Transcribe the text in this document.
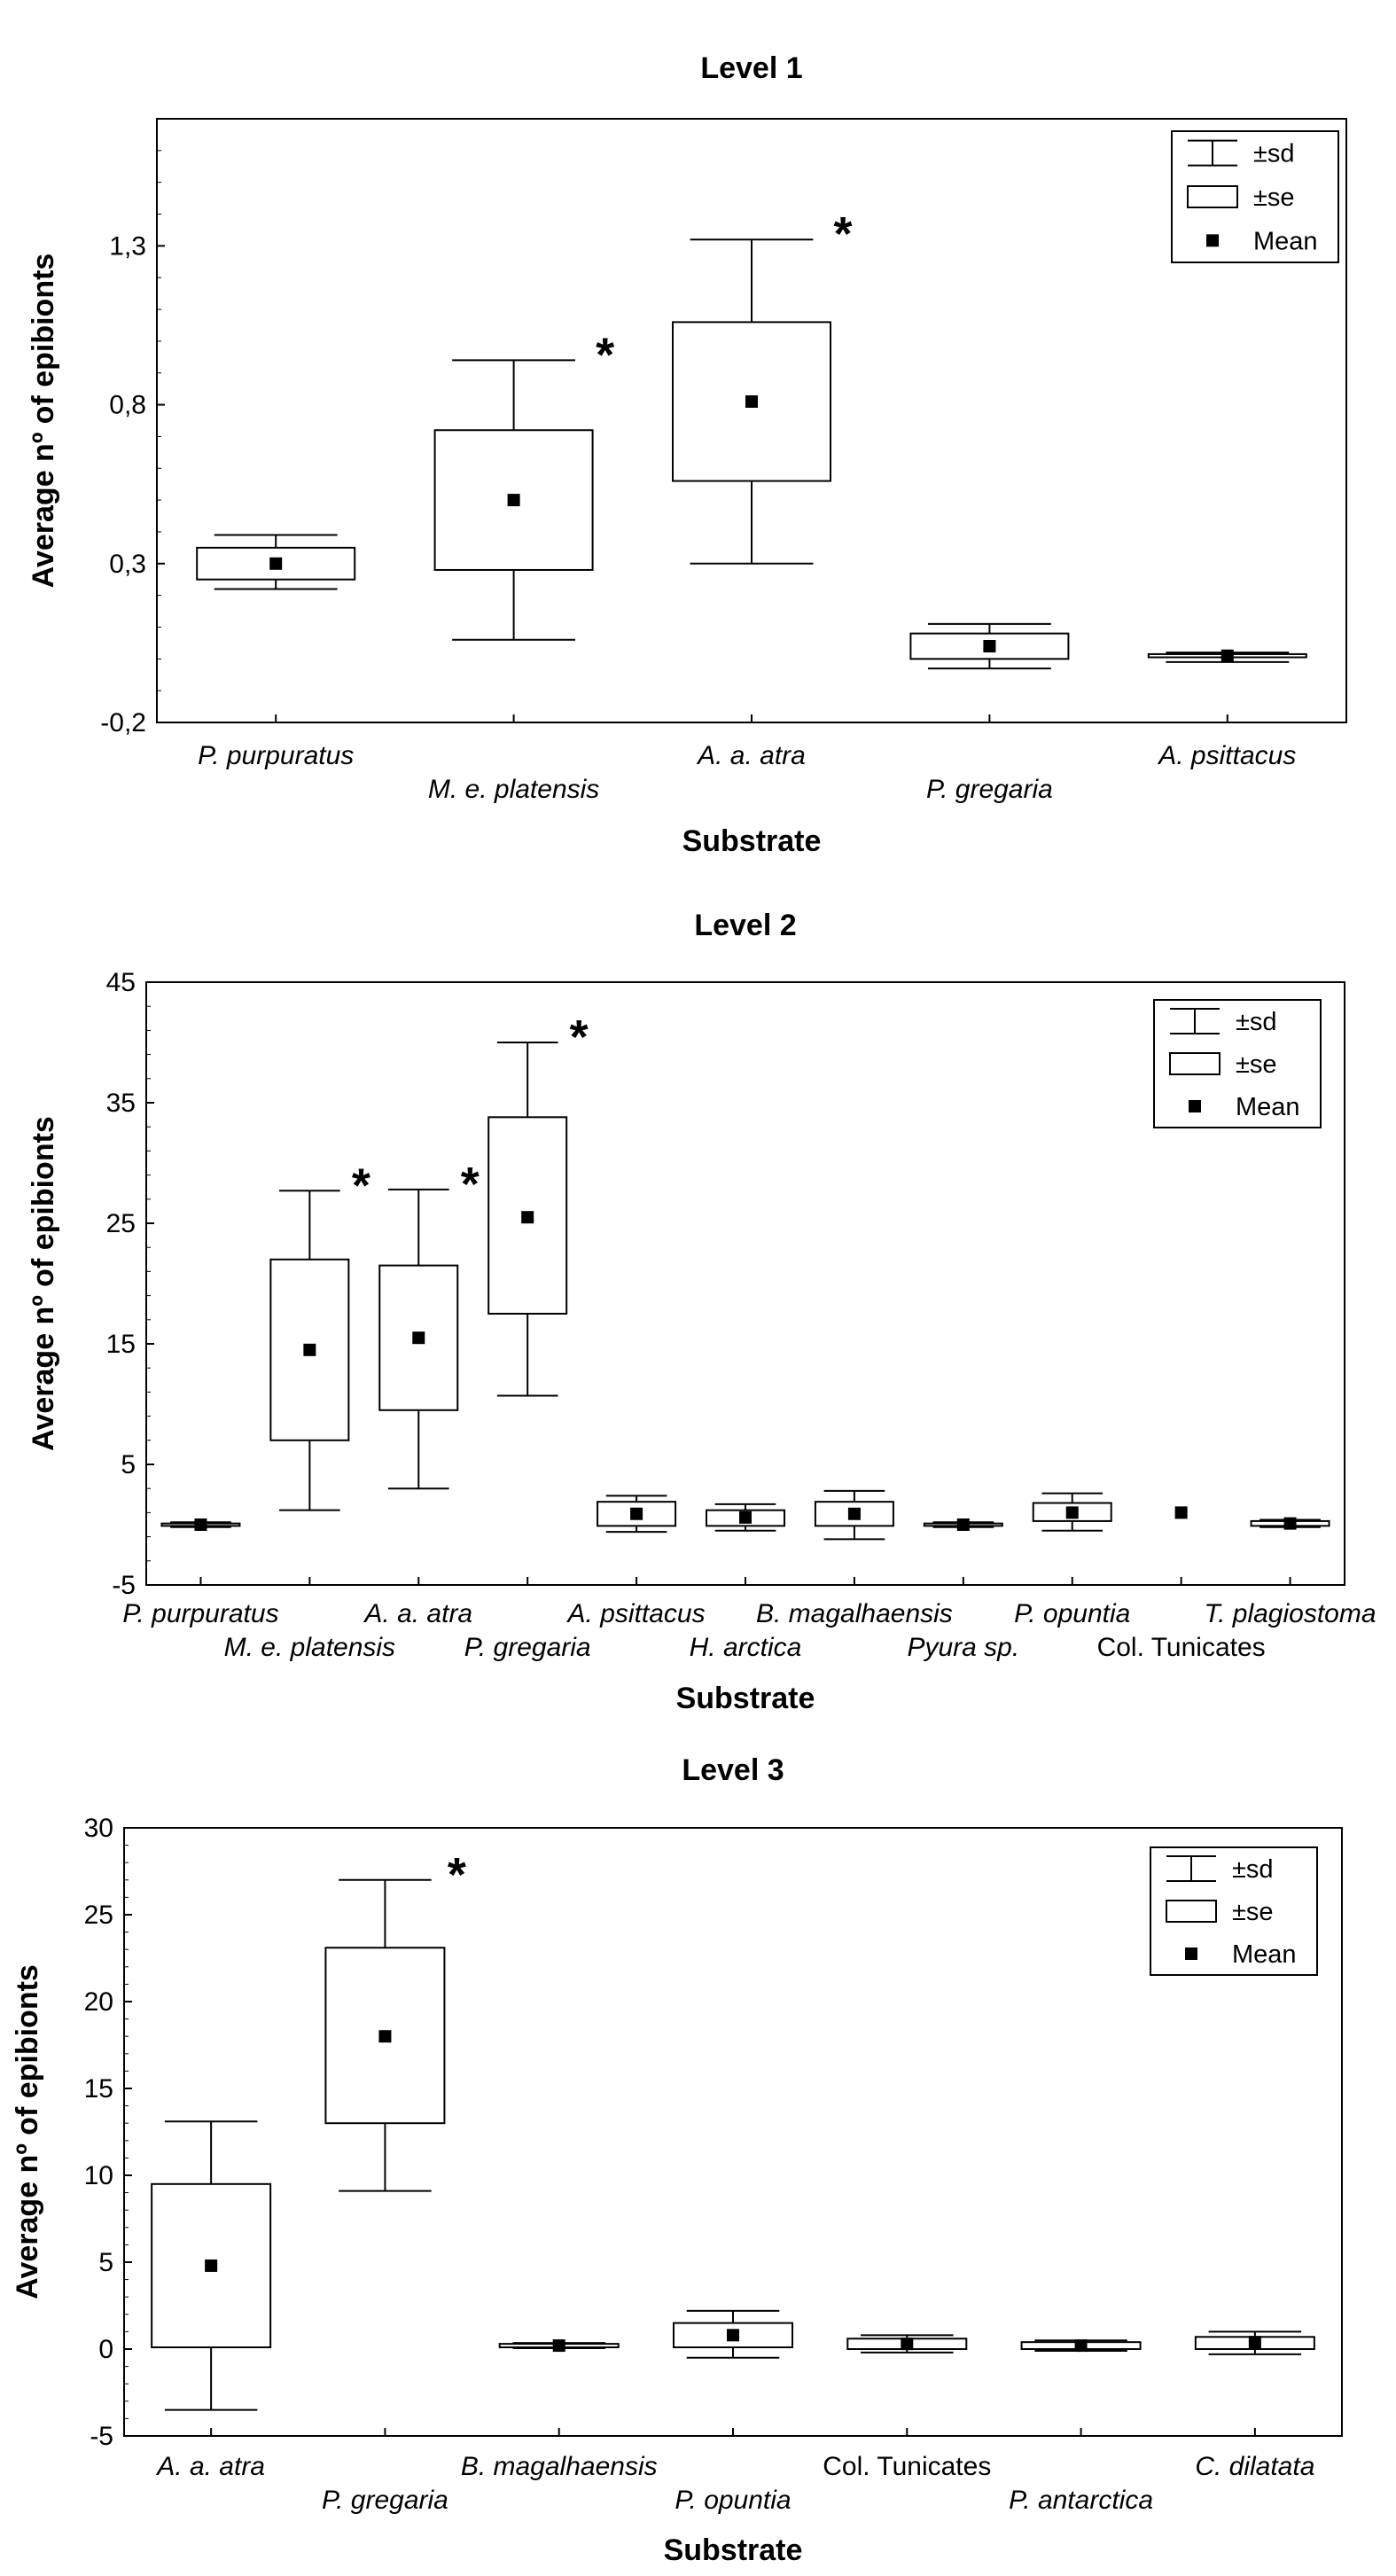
Level 1
-0,2
0,3
0,8
1,3
P. purpuratus
*
M. e. platensis
*
A. a. atra
P. gregaria
A. psittacus
Substrate
Average nº of epibionts
±sd
±se
Mean
Level 2
-5
5
15
25
35
45
P. purpuratus
*
M. e. platensis
*
A. a. atra
*
P. gregaria
A. psittacus
H. arctica
B. magalhaensis
Pyura sp.
P. opuntia
Col. Tunicates
T. plagiostoma
Substrate
Average nº of epibionts
±sd
±se
Mean
Level 3
-5
0
5
10
15
20
25
30
A. a. atra
*
P. gregaria
B. magalhaensis
P. opuntia
Col. Tunicates
P. antarctica
C. dilatata
Substrate
Average nº of epibionts
±sd
±se
Mean
